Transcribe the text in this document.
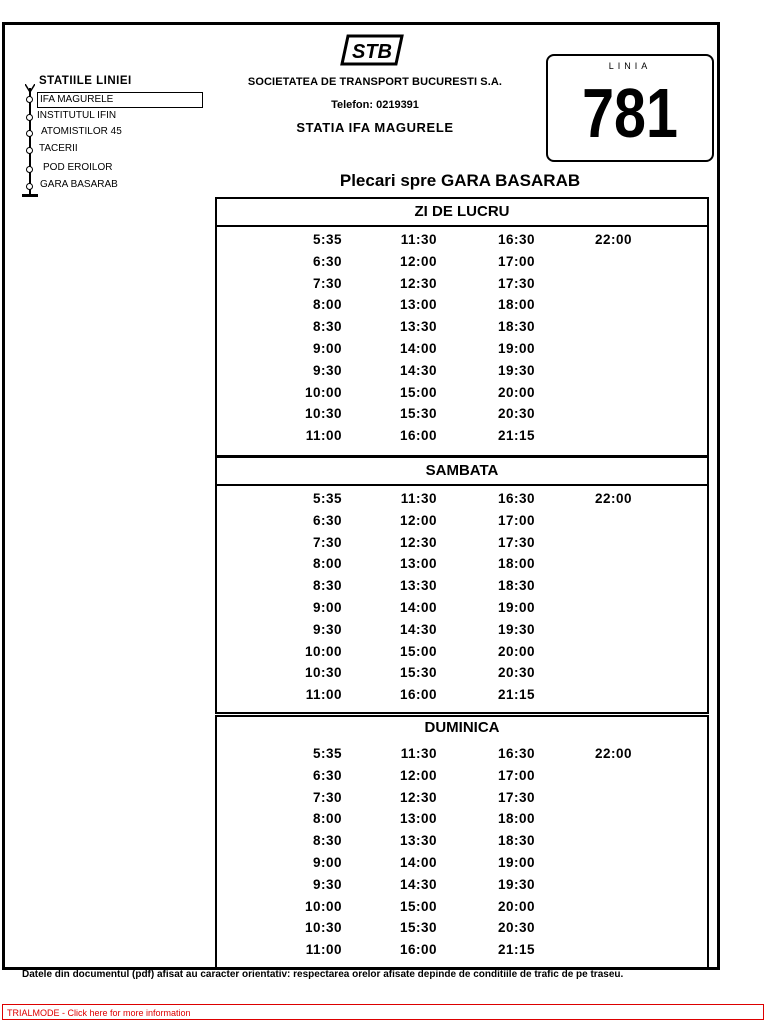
STB
SOCIETATEA DE TRANSPORT BUCURESTI S.A.
Telefon: 0219391
STATIA IFA MAGURELE
LINIA
781
STATIILE LINIEI
IFA MAGURELE
INSTITUTUL IFIN
ATOMISTILOR 45
TACERII
POD EROILOR
GARA BASARAB	Plecari spre GARA BASARAB
ZI DE LUCRU
5:35
6:30
7:30
8:00
8:30
9:00
9:30
10:00
10:30
11:00
11:30
12:00
12:30
13:00
13:30
14:00
14:30
15:00
15:30
16:00
16:30
17:00
17:30
18:00
18:30
19:00
19:30
20:00
20:30
21:15
22:00
SAMBATA
5:35
6:30
7:30
8:00
8:30
9:00
9:30
10:00
10:30
11:00
11:30
12:00
12:30
13:00
13:30
14:00
14:30
15:00
15:30
16:00
16:30
17:00
17:30
18:00
18:30
19:00
19:30
20:00
20:30
21:15
22:00
DUMINICA
5:35
6:30
7:30
8:00
8:30
9:00
9:30
10:00
10:30
11:00
11:30
12:00
12:30
13:00
13:30
14:00
14:30
15:00
15:30
16:00
16:30
17:00
17:30
18:00
18:30
19:00
19:30
20:00
20:30
21:15
22:00
Datele din documentul (pdf) afisat au caracter orientativ: respectarea orelor afisate depinde de conditiile de trafic de pe traseu.
TRIALMODE - Click here for more information
